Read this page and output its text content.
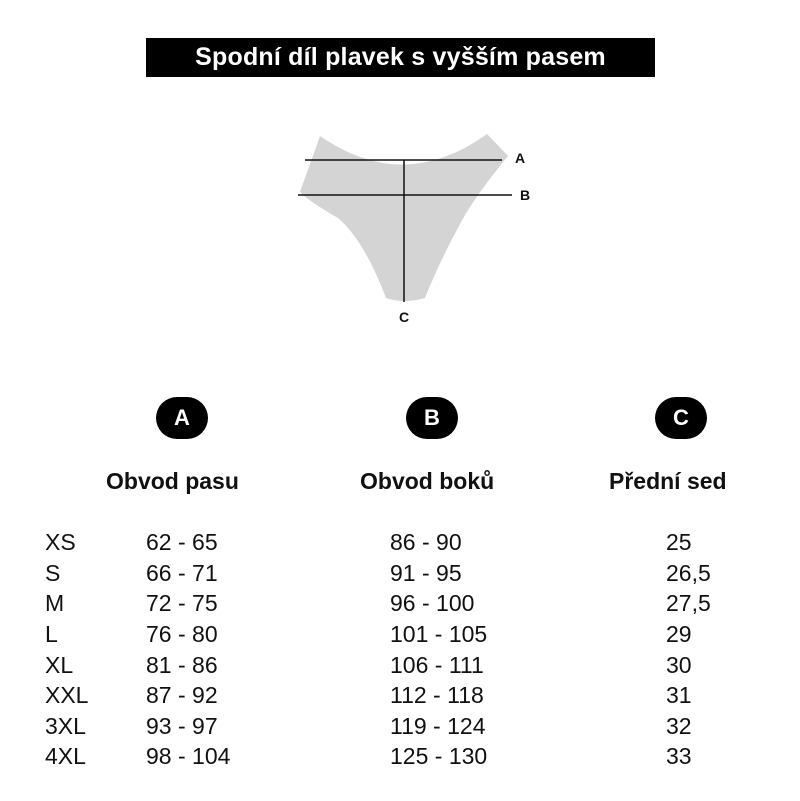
Spodní díl plavek s vyšším pasem
A
B
C
A	B	C
Obvod pasu	Obvod boků	Přední sed
XS	62 - 65	86 - 90	25
S	66 - 71	91 - 95	26,5
M	72 - 75	96 - 100	27,5
L	76 - 80	101 - 105	29
XL	81 - 86	106 - 111	30
XXL	87 - 92	112 - 118	31
3XL	93 - 97	119 - 124	32
4XL	98 - 104	125 - 130	33
